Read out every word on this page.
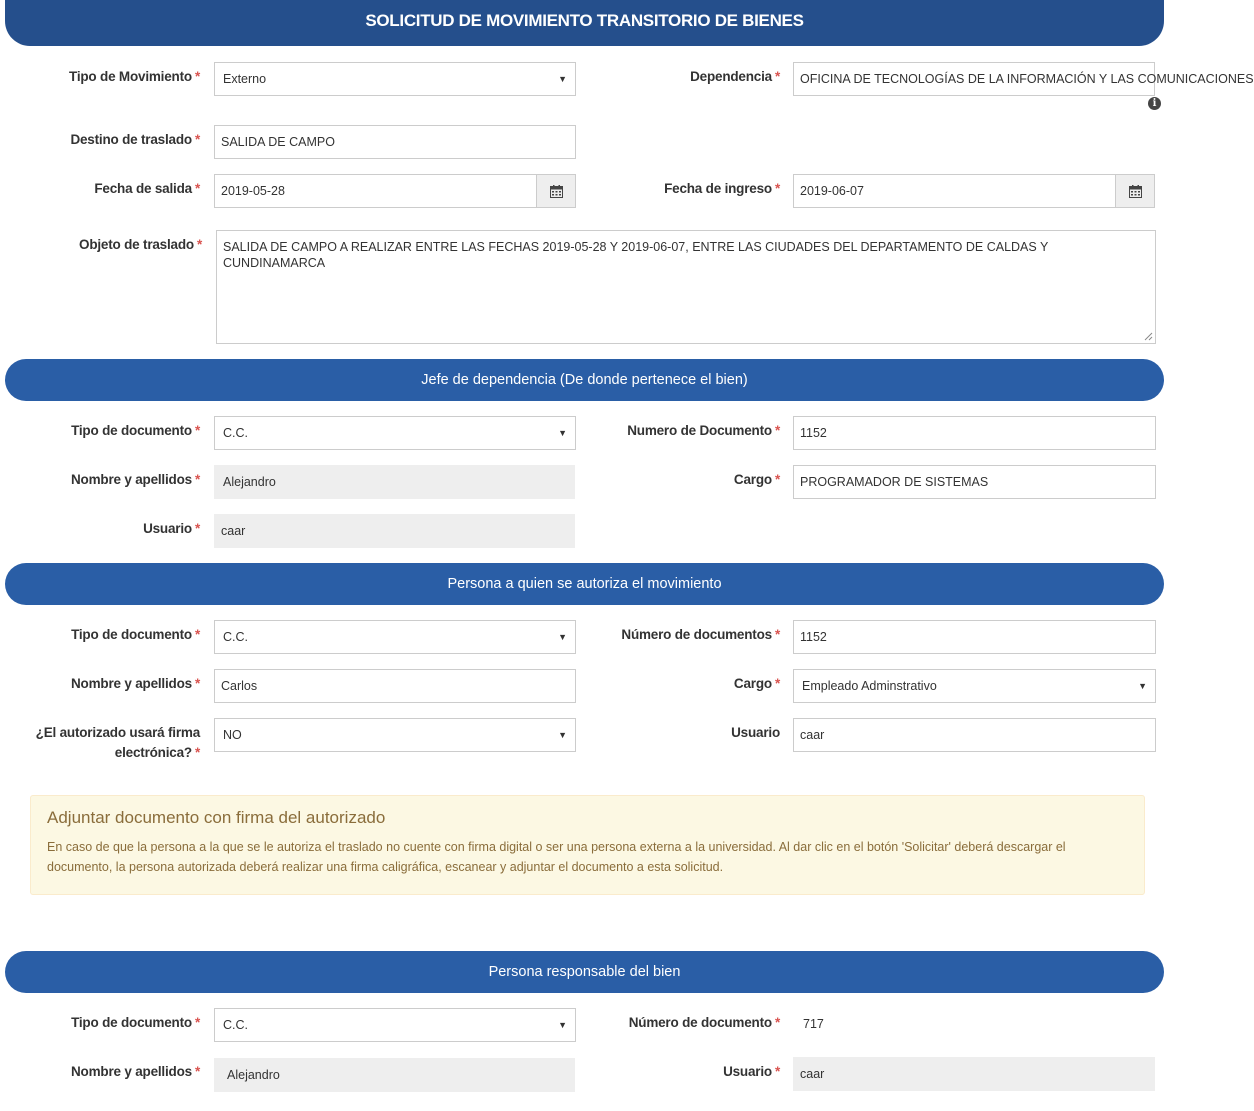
SOLICITUD DE MOVIMIENTO TRANSITORIO DE BIENES
Tipo de Movimiento * Externo	▼	Dependencia * OFICINA DE TECNOLOGÍAS DE LA INFORMACIÓN Y LAS COMUNICACIONES
i
Destino de traslado * SALIDA DE CAMPO
Fecha de salida * 2019-05-28	Fecha de ingreso * 2019-06-07
Objeto de traslado *	SALIDA DE CAMPO A REALIZAR ENTRE LAS FECHAS 2019-05-28 Y 2019-06-07, ENTRE LAS CIUDADES DEL DEPARTAMENTO DE CALDAS Y CUNDINAMARCA
Jefe de dependencia (De donde pertenece el bien)
Tipo de documento * C.C.	▼	Numero de Documento * 1152
Nombre y apellidos * Alejandro	Cargo * PROGRAMADOR DE SISTEMAS
Usuario * caar
Persona a quien se autoriza el movimiento
Tipo de documento * C.C.	▼	Número de documentos * 1152
Nombre y apellidos * Carlos	Cargo * Empleado Adminstrativo	▼
¿El autorizado usará firma
electrónica? *
NO	▼	Usuario caar
Adjuntar documento con firma del autorizado

En caso de que la persona a la que se le autoriza el traslado no cuente con firma digital o ser una persona externa a la universidad. Al dar clic en el botón 'Solicitar' deberá descargar el documento, la persona autorizada deberá realizar una firma caligráfica, escanear y adjuntar el documento a esta solicitud.

Persona responsable del bien
Tipo de documento * C.C.	▼	Número de documento * 717
Nombre y apellidos * Alejandro	Usuario * caar
